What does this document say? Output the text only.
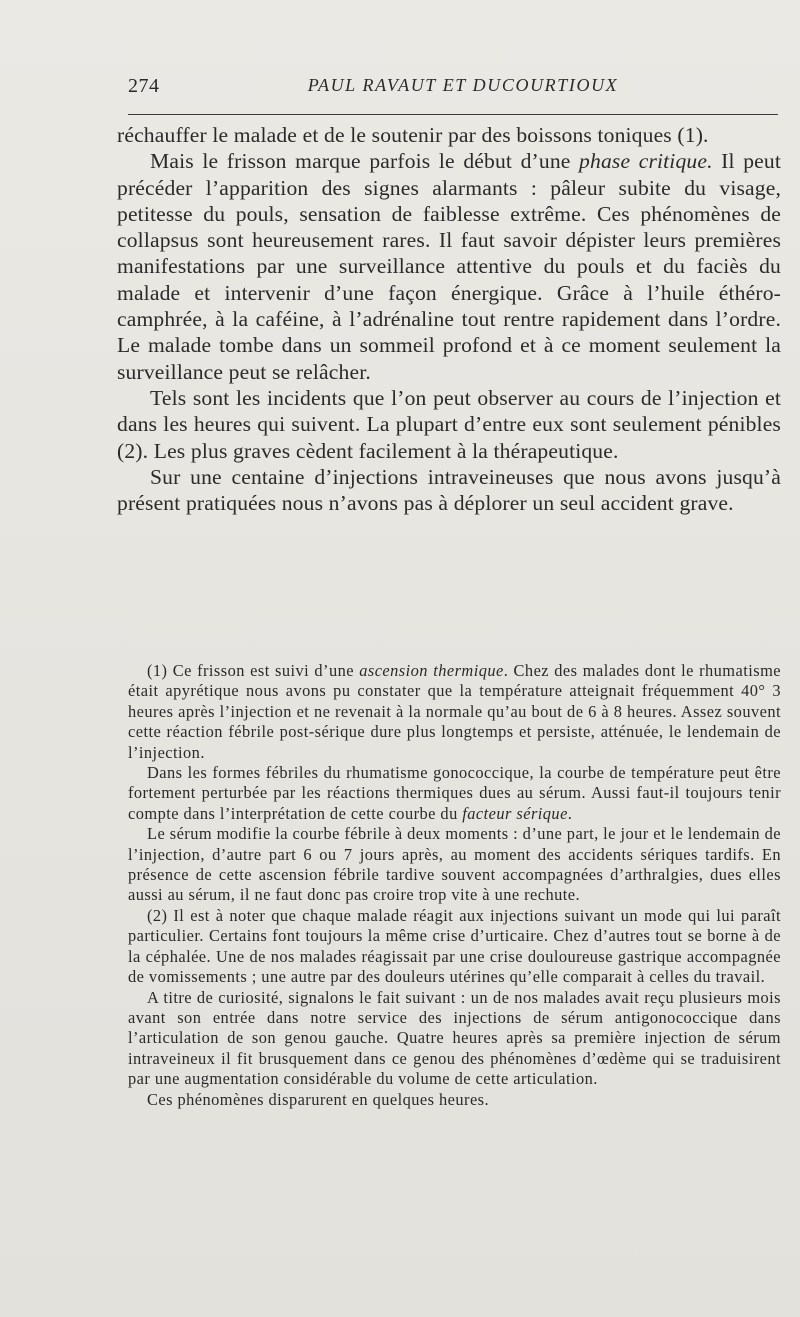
274	PAUL RAVAUT ET DUCOURTIOUX

réchauffer le malade et de le soutenir par des boissons toniques (1).

Mais le frisson marque parfois le début d’une phase critique. Il peut précéder l’apparition des signes alarmants : pâleur subite du visage, petitesse du pouls, sensation de faiblesse extrême. Ces phénomènes de collapsus sont heureusement rares. Il faut savoir dépister leurs premières manifestations par une surveillance attentive du pouls et du faciès du malade et intervenir d’une façon énergique. Grâce à l’huile éthéro-camphrée, à la caféine, à l’adrénaline tout rentre rapidement dans l’ordre. Le malade tombe dans un sommeil profond et à ce moment seulement la surveillance peut se relâcher.

Tels sont les incidents que l’on peut observer au cours de l’injection et dans les heures qui suivent. La plupart d’entre eux sont seulement pénibles (2). Les plus graves cèdent facilement à la thérapeutique.

Sur une centaine d’injections intraveineuses que nous avons jusqu’à présent pratiquées nous n’avons pas à déplorer un seul accident grave.

(1) Ce frisson est suivi d’une ascension thermique. Chez des malades dont le rhumatisme était apyrétique nous avons pu constater que la température atteignait fréquemment 40° 3 heures après l’injection et ne revenait à la normale qu’au bout de 6 à 8 heures. Assez souvent cette réaction fébrile post-sérique dure plus longtemps et persiste, atténuée, le lendemain de l’injection.

Dans les formes fébriles du rhumatisme gonococcique, la courbe de température peut être fortement perturbée par les réactions thermiques dues au sérum. Aussi faut-il toujours tenir compte dans l’interprétation de cette courbe du facteur sérique.

Le sérum modifie la courbe fébrile à deux moments : d’une part, le jour et le lendemain de l’injection, d’autre part 6 ou 7 jours après, au moment des accidents sériques tardifs. En présence de cette ascension fébrile tardive souvent accompagnées d’arthralgies, dues elles aussi au sérum, il ne faut donc pas croire trop vite à une rechute.

(2) Il est à noter que chaque malade réagit aux injections suivant un mode qui lui paraît particulier. Certains font toujours la même crise d’urticaire. Chez d’autres tout se borne à de la céphalée. Une de nos malades réagissait par une crise douloureuse gastrique accompagnée de vomissements ; une autre par des douleurs utérines qu’elle comparait à celles du travail.

A titre de curiosité, signalons le fait suivant : un de nos malades avait reçu plusieurs mois avant son entrée dans notre service des injections de sérum antigonococcique dans l’articulation de son genou gauche. Quatre heures après sa première injection de sérum intraveineux il fit brusquement dans ce genou des phénomènes d’œdème qui se traduisirent par une augmentation considérable du volume de cette articulation.

Ces phénomènes disparurent en quelques heures.
